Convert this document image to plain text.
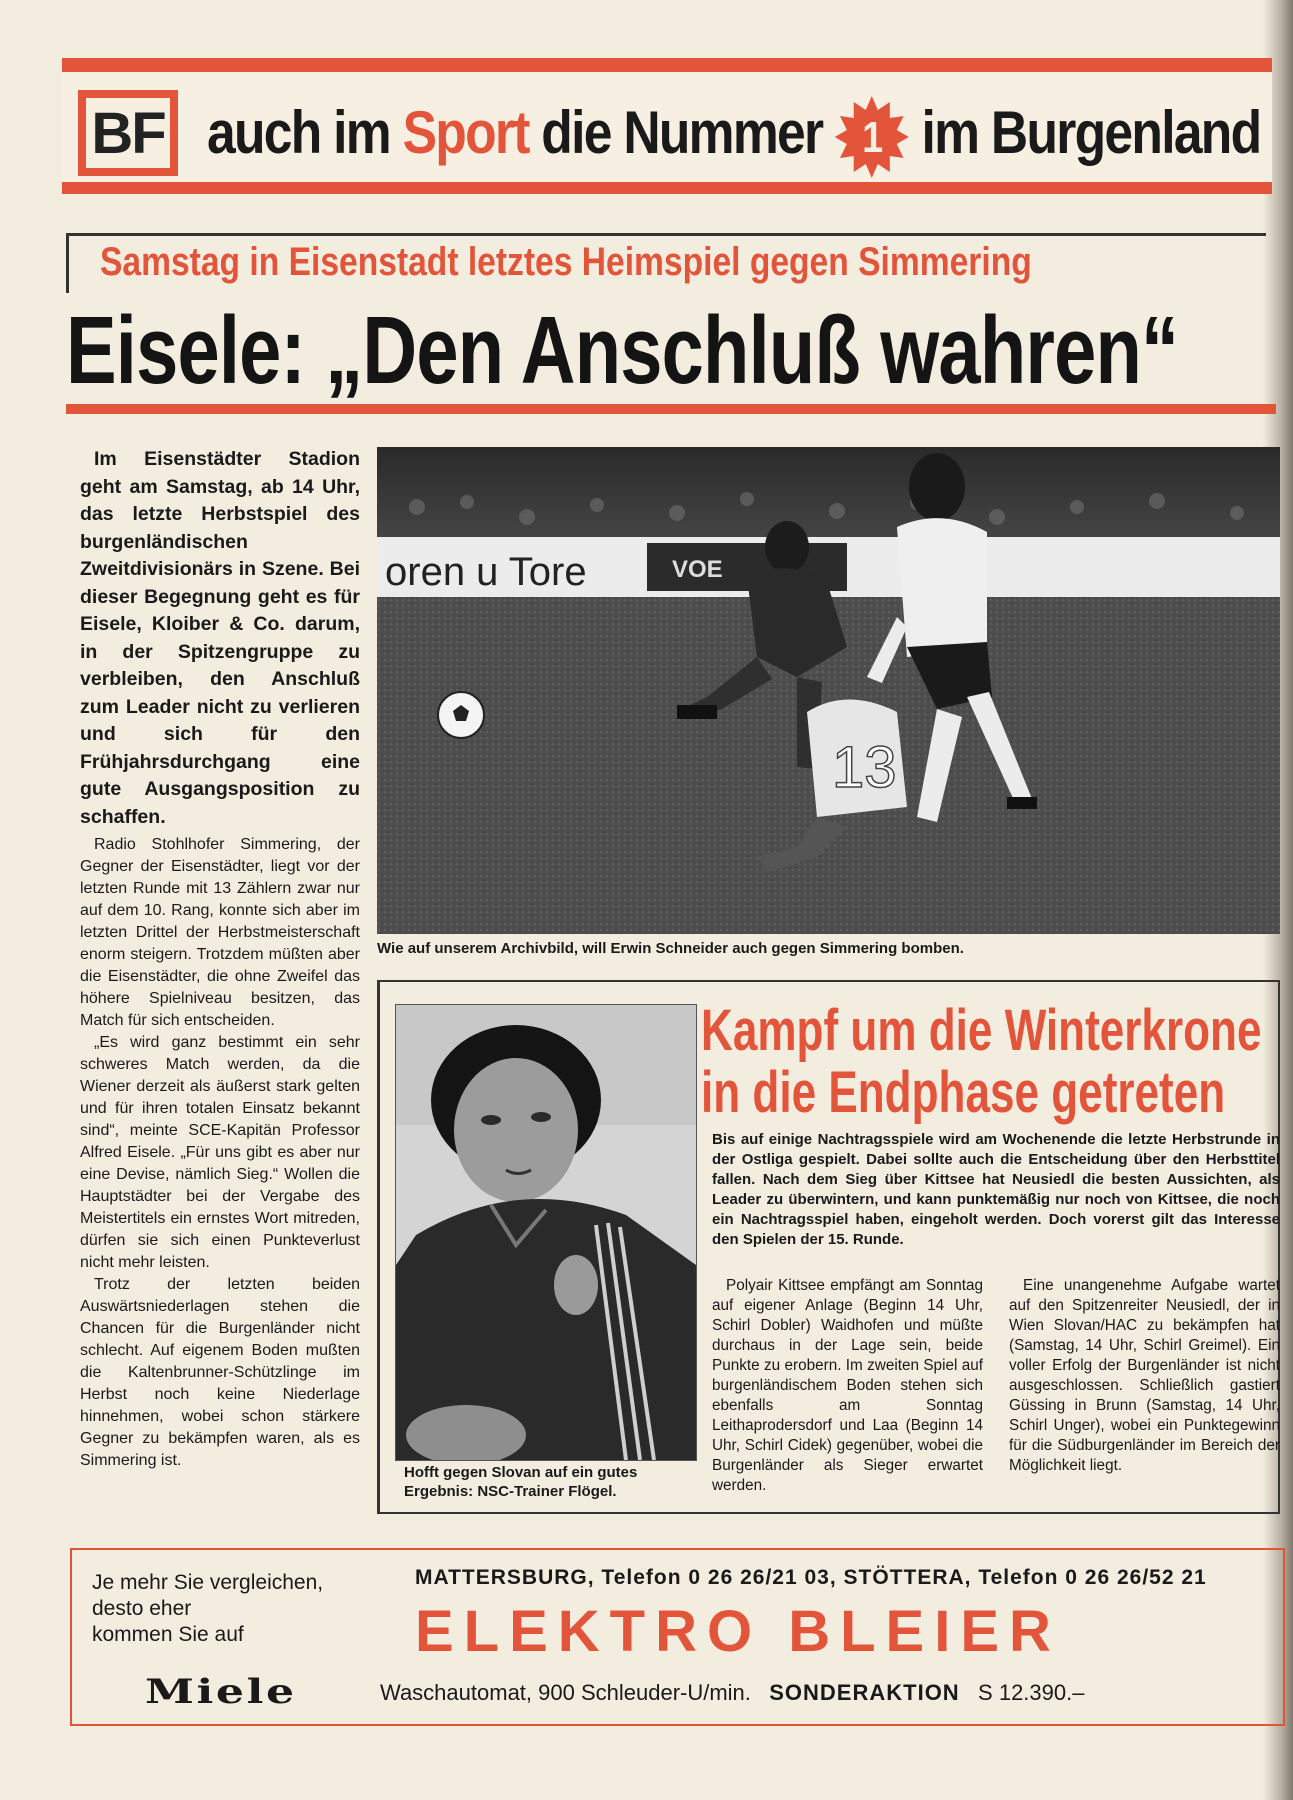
BF auch im Sport die Nummer 1 im Burgenland
Samstag in Eisenstadt letztes Heimspiel gegen Simmering
Eisele: „Den Anschluß wahren“

Im Eisenstädter Stadion geht am Samstag, ab 14 Uhr, das letzte Herbstspiel des burgenländischen Zweitdivisionärs in Szene. Bei dieser Begegnung geht es für Eisele, Kloiber & Co. darum, in der Spitzengruppe zu verbleiben, den Anschluß zum Leader nicht zu verlieren und sich für den Frühjahrsdurchgang eine gute Ausgangsposition zu schaffen.

Radio Stohlhofer Simmering, der Gegner der Eisenstädter, liegt vor der letzten Runde mit 13 Zählern zwar nur auf dem 10. Rang, konnte sich aber im letzten Drittel der Herbstmeisterschaft enorm steigern. Trotzdem müßten aber die Eisenstädter, die ohne Zweifel das höhere Spielniveau besitzen, das Match für sich entscheiden.

„Es wird ganz bestimmt ein sehr schweres Match werden, da die Wiener derzeit als äußerst stark gelten und für ihren totalen Einsatz bekannt sind“, meinte SCE-Kapitän Professor Alfred Eisele. „Für uns gibt es aber nur eine Devise, nämlich Sieg.“ Wollen die Hauptstädter bei der Vergabe des Meistertitels ein ernstes Wort mitreden, dürfen sie sich einen Punkteverlust nicht mehr leisten.

Trotz der letzten beiden Auswärtsniederlagen stehen die Chancen für die Burgenländer nicht schlecht. Auf eigenem Boden mußten die Kaltenbrunner-Schützlinge im Herbst noch keine Niederlage hinnehmen, wobei schon stärkere Gegner zu bekämpfen waren, als es Simmering ist.

oren u Tore	VOE
13
Wie auf unserem Archivbild, will Erwin Schneider auch gegen Simmering bomben.
Hofft gegen Slovan auf ein gutes
Ergebnis: NSC-Trainer Flögel.
Kampf um die Winterkrone
in die Endphase getreten
Bis auf einige Nachtragsspiele wird am Wochenende die letzte Herbstrunde in der Ostliga gespielt. Dabei sollte auch die Entscheidung über den Herbsttitel fallen. Nach dem Sieg über Kittsee hat Neusiedl die besten Aussichten, als Leader zu überwintern, und kann punktemäßig nur noch von Kittsee, die noch ein Nachtragsspiel haben, eingeholt werden. Doch vorerst gilt das Interesse den Spielen der 15. Runde.

Polyair Kittsee empfängt am Sonntag auf eigener Anlage (Beginn 14 Uhr, Schirl Dobler) Waidhofen und müßte durchaus in der Lage sein, beide Punkte zu erobern. Im zweiten Spiel auf burgenländischem Boden stehen sich ebenfalls am Sonntag Leithaprodersdorf und Laa (Beginn 14 Uhr, Schirl Cidek) gegenüber, wobei die Burgenländer als Sieger erwartet werden.

Eine unangenehme Aufgabe wartet auf den Spitzenreiter Neusiedl, der in Wien Slovan/HAC zu bekämpfen hat (Samstag, 14 Uhr, Schirl Greimel). Ein voller Erfolg der Burgenländer ist nicht ausgeschlossen. Schließlich gastiert Güssing in Brunn (Samstag, 14 Uhr, Schirl Unger), wobei ein Punktegewinn für die Südburgenländer im Bereich der Möglichkeit liegt.

Je mehr Sie vergleichen,
desto eher
kommen Sie auf
MATTERSBURG, Telefon 0 26 26/21 03, STÖTTERA, Telefon 0 26 26/52 21
ELEKTRO BLEIER
Miele	Waschautomat, 900 Schleuder-U/min. SONDERAKTION S 12.390.–
